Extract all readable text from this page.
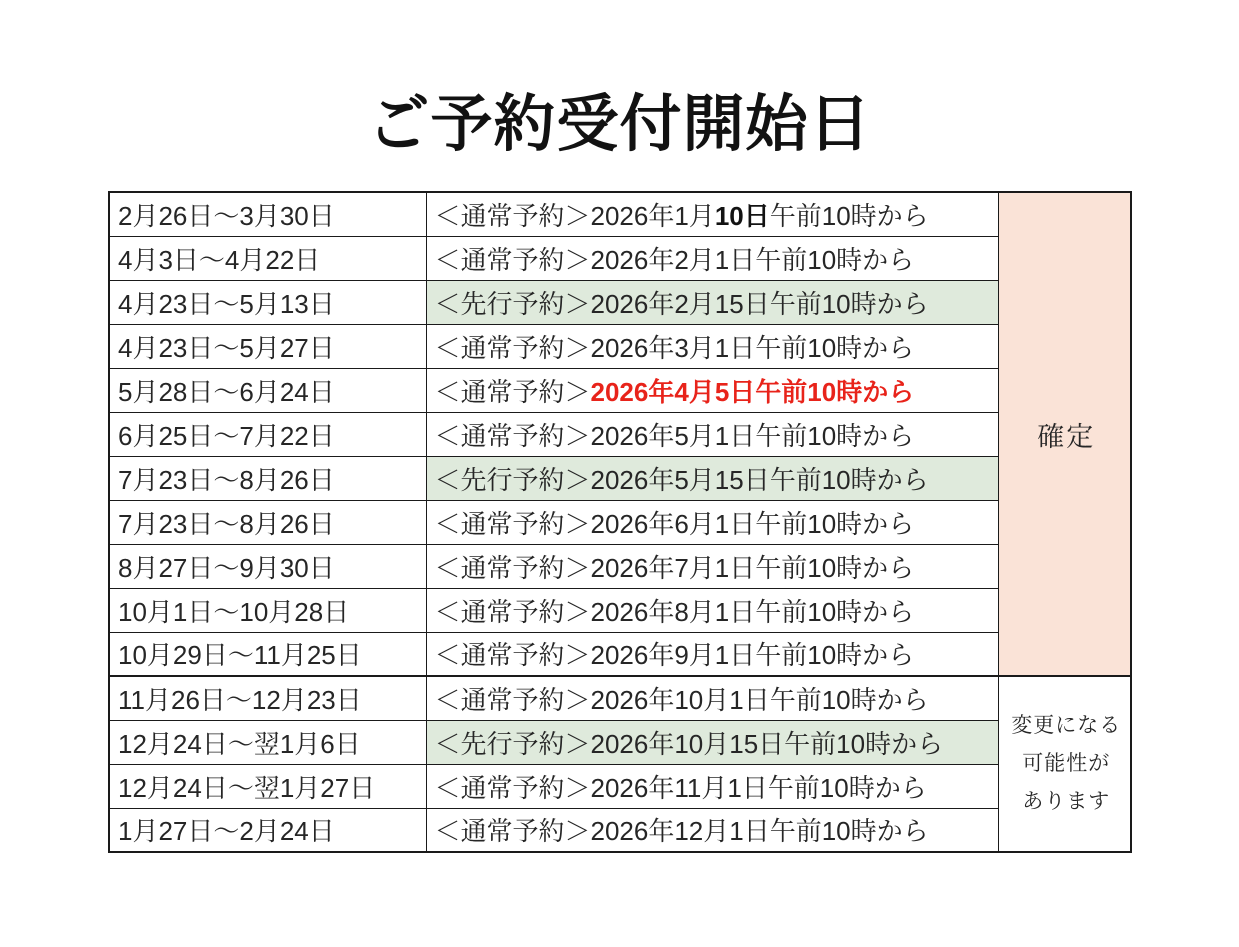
ご予約受付開始日
2月26日〜3月30日	＜通常予約＞2026年1月10日午前10時から	確定

4月3日〜4月22日	＜通常予約＞2026年2月1日午前10時から	
4月23日〜5月13日	＜先行予約＞2026年2月15日午前10時から	
4月23日〜5月27日	＜通常予約＞2026年3月1日午前10時から	
5月28日〜6月24日	＜通常予約＞2026年4月5日午前10時から	
6月25日〜7月22日	＜通常予約＞2026年5月1日午前10時から	
7月23日〜8月26日	＜先行予約＞2026年5月15日午前10時から	
7月23日〜8月26日	＜通常予約＞2026年6月1日午前10時から	
8月27日〜9月30日	＜通常予約＞2026年7月1日午前10時から	
10月1日〜10月28日	＜通常予約＞2026年8月1日午前10時から	
10月29日〜11月25日	＜通常予約＞2026年9月1日午前10時から	
11月26日〜12月23日	＜通常予約＞2026年10月1日午前10時から	変更になる
可能性が
あります

12月24日〜翌1月6日	＜先行予約＞2026年10月15日午前10時から	
12月24日〜翌1月27日	＜通常予約＞2026年11月1日午前10時から	
1月27日〜2月24日	＜通常予約＞2026年12月1日午前10時から	
